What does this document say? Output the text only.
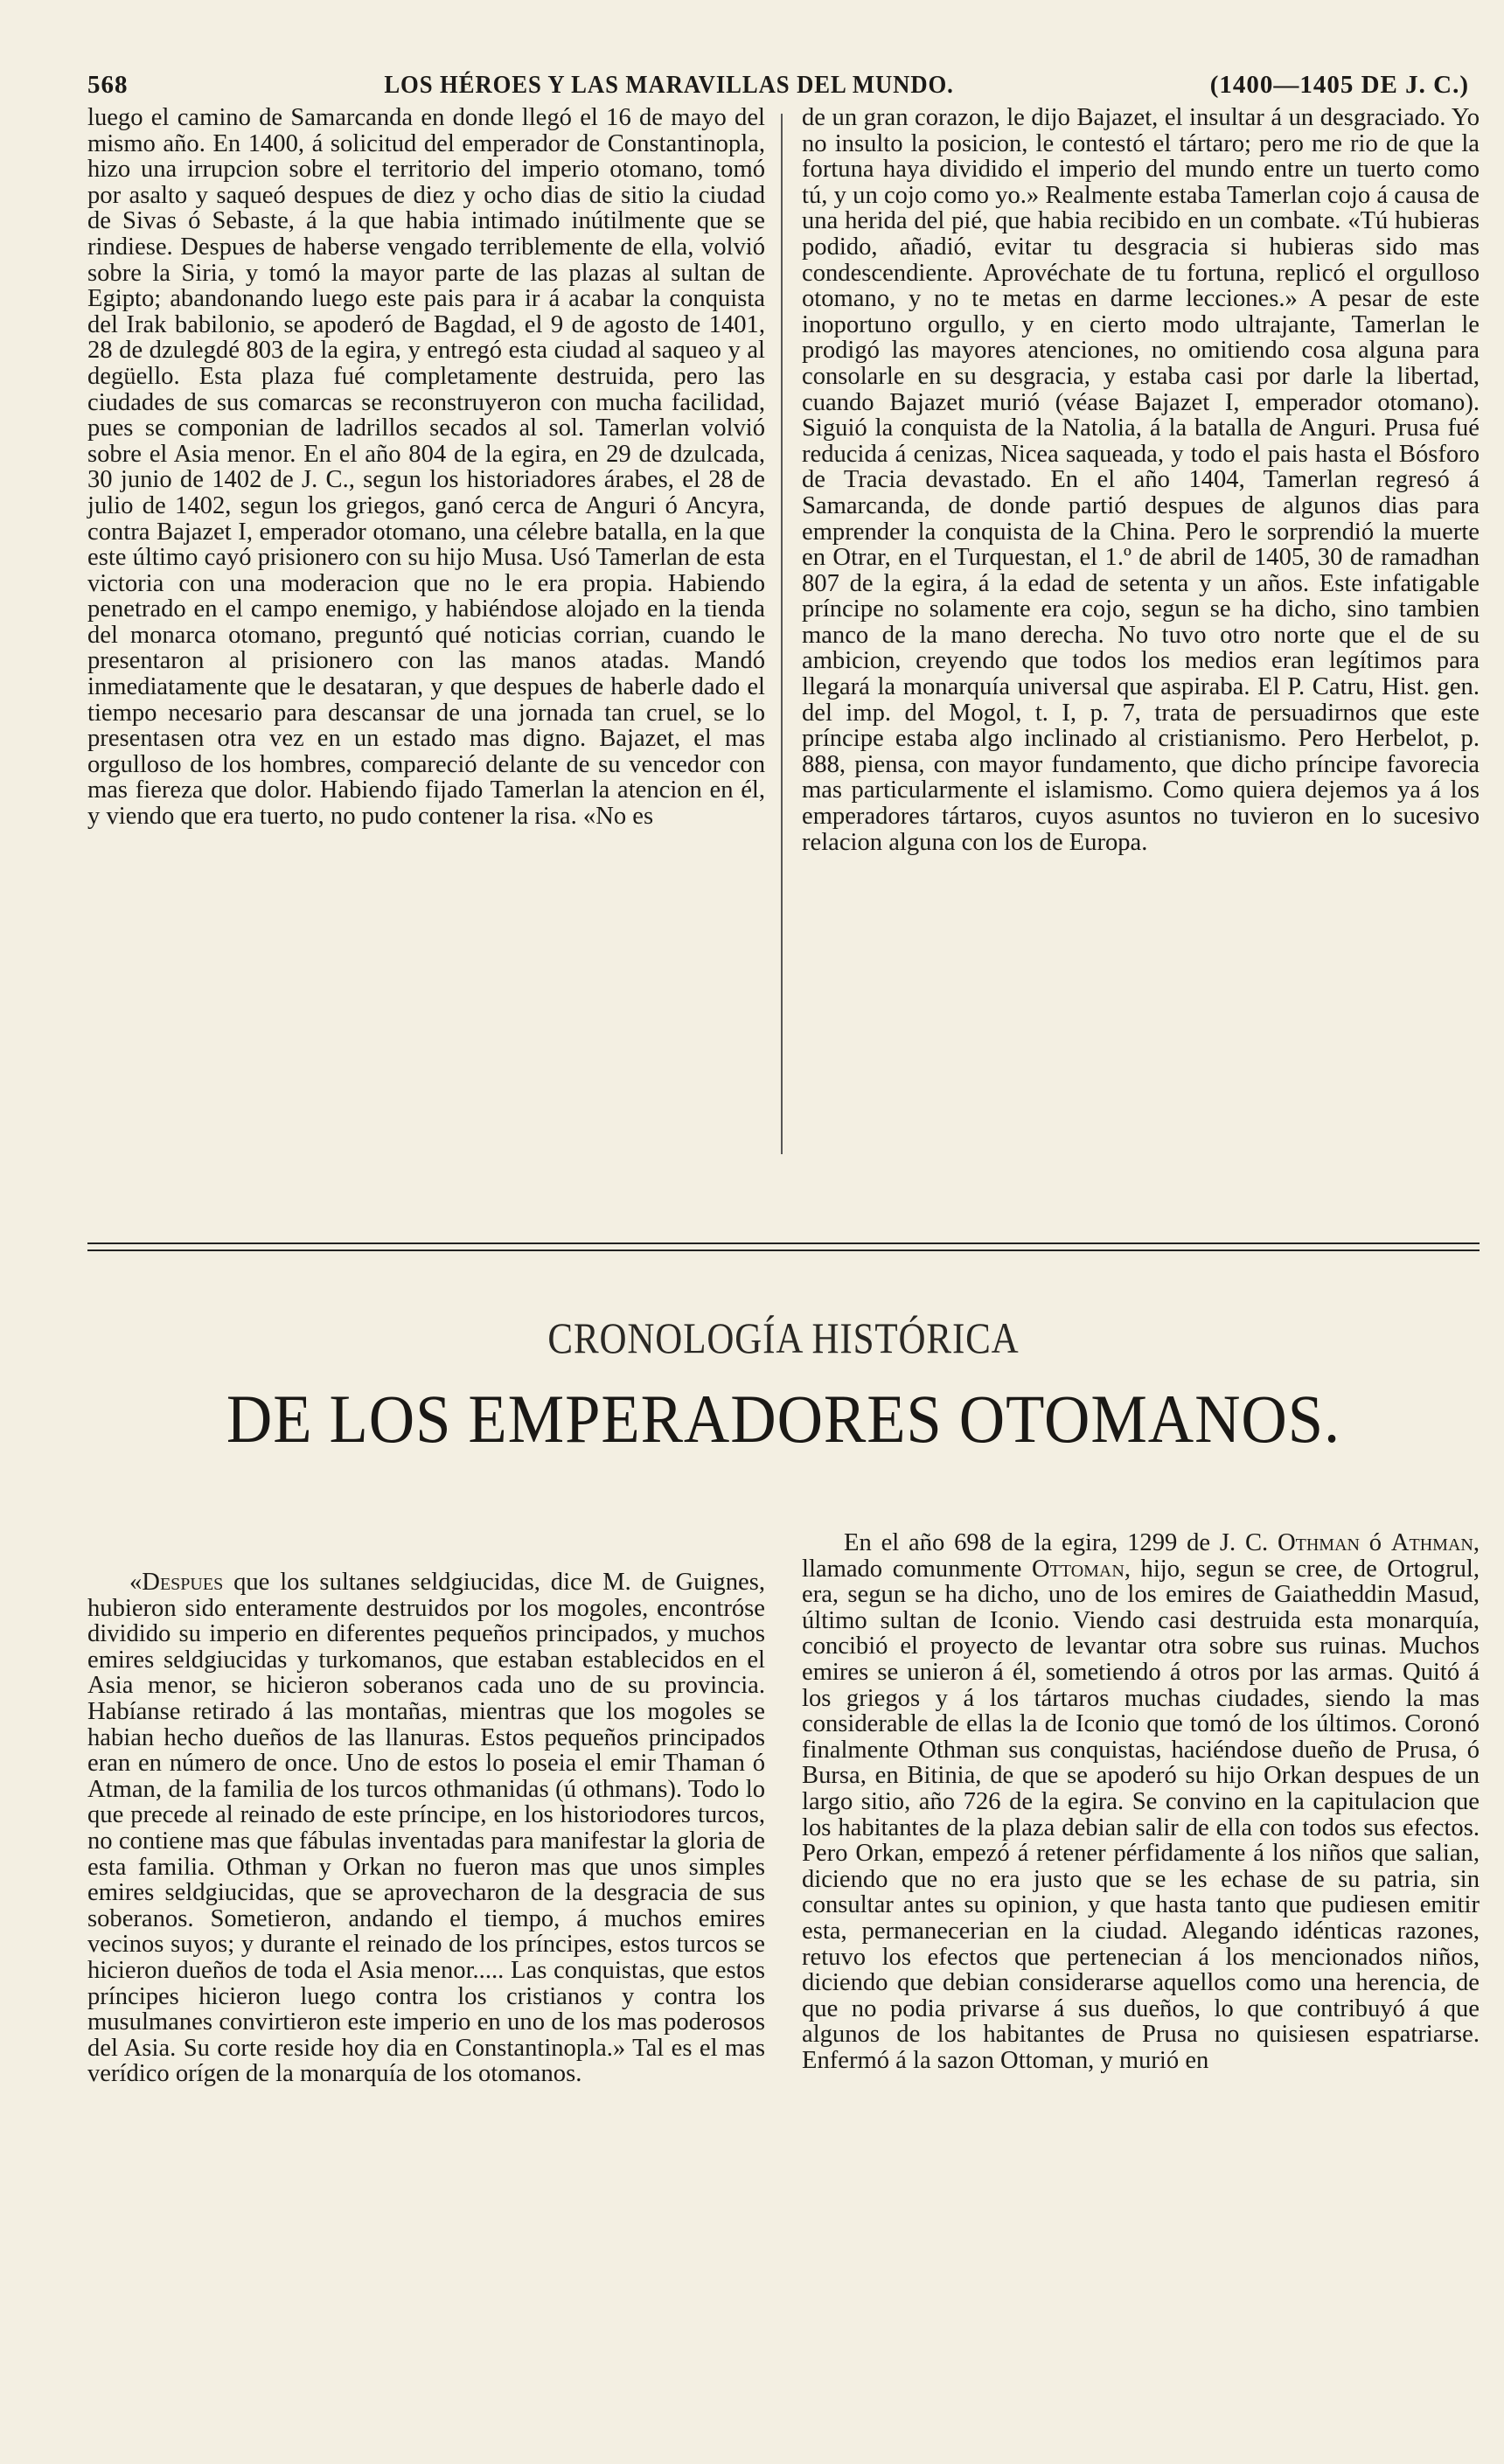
568	LOS HÉROES Y LAS MARAVILLAS DEL MUNDO.	(1400—1405 DE J. C.)

luego el camino de Samarcanda en donde llegó el 16 de mayo del mismo año. En 1400, á solicitud del emperador de Constantinopla, hizo una irrupcion sobre el territorio del imperio otomano, tomó por asalto y saqueó despues de diez y ocho dias de sitio la ciudad de Sivas ó Sebaste, á la que habia intimado inútilmente que se rindiese. Despues de haberse vengado terriblemente de ella, volvió sobre la Siria, y tomó la mayor parte de las plazas al sultan de Egipto; abandonando luego este pais para ir á acabar la conquista del Irak babilonio, se apoderó de Bagdad, el 9 de agosto de 1401, 28 de dzulegdé 803 de la egira, y entregó esta ciudad al saqueo y al degüello. Esta plaza fué completamente destruida, pero las ciudades de sus comarcas se reconstruyeron con mucha facilidad, pues se componian de ladrillos secados al sol. Tamerlan volvió sobre el Asia menor. En el año 804 de la egira, en 29 de dzulcada, 30 junio de 1402 de J. C., segun los historiadores árabes, el 28 de julio de 1402, segun los griegos, ganó cerca de Anguri ó Ancyra, contra Bajazet I, emperador otomano, una célebre batalla, en la que este último cayó prisionero con su hijo Musa. Usó Tamerlan de esta victoria con una moderacion que no le era propia. Habiendo penetrado en el campo enemigo, y habiéndose alojado en la tienda del monarca otomano, preguntó qué noticias corrian, cuando le presentaron al prisionero con las manos atadas. Mandó inmediatamente que le desataran, y que despues de haberle dado el tiempo necesario para descansar de una jornada tan cruel, se lo presentasen otra vez en un estado mas digno. Bajazet, el mas orgulloso de los hombres, compareció delante de su vencedor con mas fiereza que dolor. Habiendo fijado Tamerlan la atencion en él, y viendo que era tuerto, no pudo contener la risa. «No es

de un gran corazon, le dijo Bajazet, el insultar á un desgraciado. Yo no insulto la posicion, le contestó el tártaro; pero me rio de que la fortuna haya dividido el imperio del mundo entre un tuerto como tú, y un cojo como yo.» Realmente estaba Tamerlan cojo á causa de una herida del pié, que habia recibido en un combate. «Tú hubieras podido, añadió, evitar tu desgracia si hubieras sido mas condescendiente. Aprovéchate de tu fortuna, replicó el orgulloso otomano, y no te metas en darme lecciones.» A pesar de este inoportuno orgullo, y en cierto modo ultrajante, Tamerlan le prodigó las mayores atenciones, no omitiendo cosa alguna para consolarle en su desgracia, y estaba casi por darle la libertad, cuando Bajazet murió (véase Bajazet I, emperador otomano). Siguió la conquista de la Natolia, á la batalla de Anguri. Prusa fué reducida á cenizas, Nicea saqueada, y todo el pais hasta el Bósforo de Tracia devastado. En el año 1404, Tamerlan regresó á Samarcanda, de donde partió despues de algunos dias para emprender la conquista de la China. Pero le sorprendió la muerte en Otrar, en el Turquestan, el 1.º de abril de 1405, 30 de ramadhan 807 de la egira, á la edad de setenta y un años. Este infatigable príncipe no solamente era cojo, segun se ha dicho, sino tambien manco de la mano derecha. No tuvo otro norte que el de su ambicion, creyendo que todos los medios eran legítimos para llegará la monarquía universal que aspiraba. El P. Catru, Hist. gen. del imp. del Mogol, t. I, p. 7, trata de persuadirnos que este príncipe estaba algo inclinado al cristianismo. Pero Herbelot, p. 888, piensa, con mayor fundamento, que dicho príncipe favorecia mas particularmente el islamismo. Como quiera dejemos ya á los emperadores tártaros, cuyos asuntos no tuvieron en lo sucesivo relacion alguna con los de Europa.

CRONOLOGÍA HISTÓRICA
DE LOS EMPERADORES OTOMANOS.

«Despues que los sultanes seldgiucidas, dice M. de Guignes, hubieron sido enteramente destruidos por los mogoles, encontróse dividido su imperio en diferentes pequeños principados, y muchos emires seldgiucidas y turkomanos, que estaban establecidos en el Asia menor, se hicieron soberanos cada uno de su provincia. Habíanse retirado á las montañas, mientras que los mogoles se habian hecho dueños de las llanuras. Estos pequeños principados eran en número de once. Uno de estos lo poseia el emir Thaman ó Atman, de la familia de los turcos othmanidas (ú othmans). Todo lo que precede al reinado de este príncipe, en los historiodores turcos, no contiene mas que fábulas inventadas para manifestar la gloria de esta familia. Othman y Orkan no fueron mas que unos simples emires seldgiucidas, que se aprovecharon de la desgracia de sus soberanos. Sometieron, andando el tiempo, á muchos emires vecinos suyos; y durante el reinado de los príncipes, estos turcos se hicieron dueños de toda el Asia menor..... Las conquistas, que estos príncipes hicieron luego contra los cristianos y contra los musulmanes convirtieron este imperio en uno de los mas poderosos del Asia. Su corte reside hoy dia en Constantinopla.» Tal es el mas verídico orígen de la monarquía de los otomanos.

En el año 698 de la egira, 1299 de J. C. Othman ó Athman, llamado comunmente Ottoman, hijo, segun se cree, de Ortogrul, era, segun se ha dicho, uno de los emires de Gaiatheddin Masud, último sultan de Iconio. Viendo casi destruida esta monarquía, concibió el proyecto de levantar otra sobre sus ruinas. Muchos emires se unieron á él, sometiendo á otros por las armas. Quitó á los griegos y á los tártaros muchas ciudades, siendo la mas considerable de ellas la de Iconio que tomó de los últimos. Coronó finalmente Othman sus conquistas, haciéndose dueño de Prusa, ó Bursa, en Bitinia, de que se apoderó su hijo Orkan despues de un largo sitio, año 726 de la egira. Se convino en la capitulacion que los habitantes de la plaza debian salir de ella con todos sus efectos. Pero Orkan, empezó á retener pérfidamente á los niños que salian, diciendo que no era justo que se les echase de su patria, sin consultar antes su opinion, y que hasta tanto que pudiesen emitir esta, permanecerian en la ciudad. Alegando idénticas razones, retuvo los efectos que pertenecian á los mencionados niños, diciendo que debian considerarse aquellos como una herencia, de que no podia privarse á sus dueños, lo que contribuyó á que algunos de los habitantes de Prusa no quisiesen espatriarse. Enfermó á la sazon Ottoman, y murió en
